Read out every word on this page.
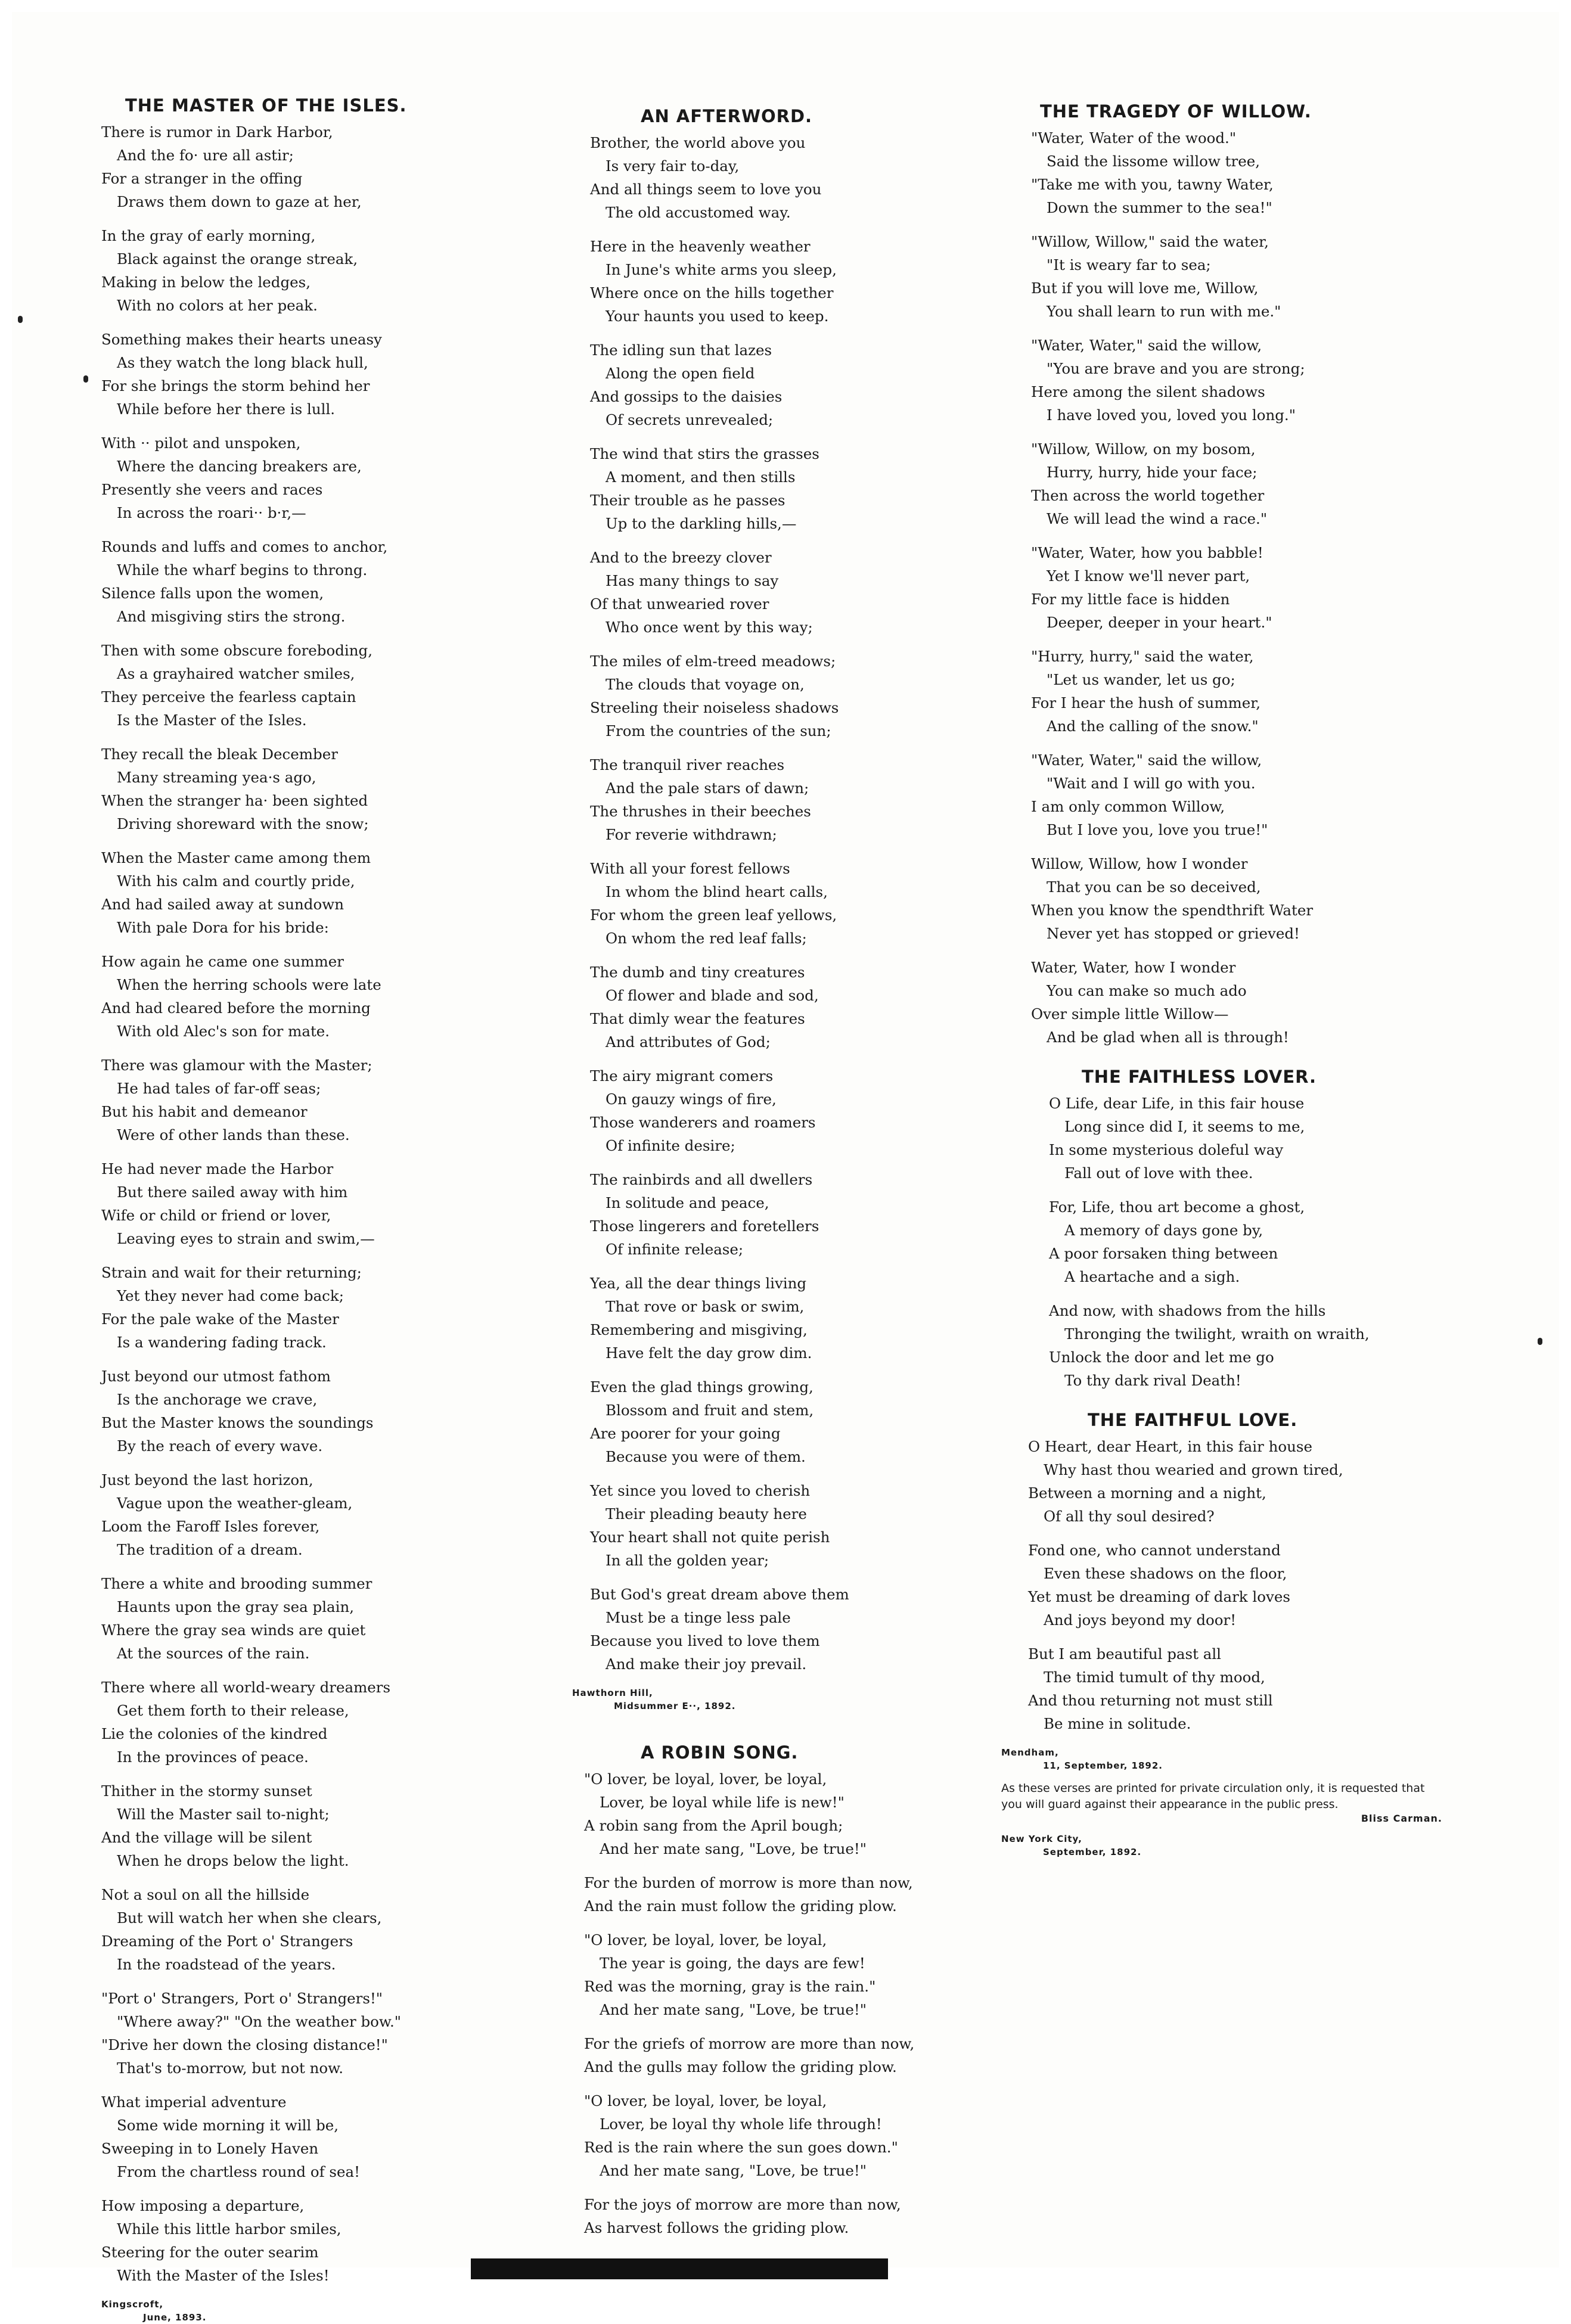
THE MASTER OF THE ISLES.
There is rumor in Dark Harbor,
And the fo· ure all astir;
For a stranger in the offing
Draws them down to gaze at her,
In the gray of early morning,
Black against the orange streak,
Making in below the ledges,
With no colors at her peak.
Something makes their hearts uneasy
As they watch the long black hull,
For she brings the storm behind her
While before her there is lull.
With ·· pilot and unspoken,
Where the dancing breakers are,
Presently she veers and races
In across the roari·· b·r,—
Rounds and luffs and comes to anchor,
While the wharf begins to throng.
Silence falls upon the women,
And misgiving stirs the strong.
Then with some obscure foreboding,
As a grayhaired watcher smiles,
They perceive the fearless captain
Is the Master of the Isles.
They recall the bleak December
Many streaming yea·s ago,
When the stranger ha· been sighted
Driving shoreward with the snow;
When the Master came among them
With his calm and courtly pride,
And had sailed away at sundown
With pale Dora for his bride:
How again he came one summer
When the herring schools were late
And had cleared before the morning
With old Alec's son for mate.
There was glamour with the Master;
He had tales of far-off seas;
But his habit and demeanor
Were of other lands than these.
He had never made the Harbor
But there sailed away with him
Wife or child or friend or lover,
Leaving eyes to strain and swim,—
Strain and wait for their returning;
Yet they never had come back;
For the pale wake of the Master
Is a wandering fading track.
Just beyond our utmost fathom
Is the anchorage we crave,
But the Master knows the soundings
By the reach of every wave.
Just beyond the last horizon,
Vague upon the weather-gleam,
Loom the Faroff Isles forever,
The tradition of a dream.
There a white and brooding summer
Haunts upon the gray sea plain,
Where the gray sea winds are quiet
At the sources of the rain.
There where all world-weary dreamers
Get them forth to their release,
Lie the colonies of the kindred
In the provinces of peace.
Thither in the stormy sunset
Will the Master sail to-night;
And the village will be silent
When he drops below the light.
Not a soul on all the hillside
But will watch her when she clears,
Dreaming of the Port o' Strangers
In the roadstead of the years.
"Port o' Strangers, Port o' Strangers!"
"Where away?" "On the weather bow."
"Drive her down the closing distance!"
That's to-morrow, but not now.
What imperial adventure
Some wide morning it will be,
Sweeping in to Lonely Haven
From the chartless round of sea!
How imposing a departure,
While this little harbor smiles,
Steering for the outer searim
With the Master of the Isles!
Kingscroft,
June, 1893.
AN AFTERWORD.
Brother, the world above you
Is very fair to-day,
And all things seem to love you
The old accustomed way.
Here in the heavenly weather
In June's white arms you sleep,
Where once on the hills together
Your haunts you used to keep.
The idling sun that lazes
Along the open field
And gossips to the daisies
Of secrets unrevealed;
The wind that stirs the grasses
A moment, and then stills
Their trouble as he passes
Up to the darkling hills,—
And to the breezy clover
Has many things to say
Of that unwearied rover
Who once went by this way;
The miles of elm-treed meadows;
The clouds that voyage on,
Streeling their noiseless shadows
From the countries of the sun;
The tranquil river reaches
And the pale stars of dawn;
The thrushes in their beeches
For reverie withdrawn;
With all your forest fellows
In whom the blind heart calls,
For whom the green leaf yellows,
On whom the red leaf falls;
The dumb and tiny creatures
Of flower and blade and sod,
That dimly wear the features
And attributes of God;
The airy migrant comers
On gauzy wings of fire,
Those wanderers and roamers
Of infinite desire;
The rainbirds and all dwellers
In solitude and peace,
Those lingerers and foretellers
Of infinite release;
Yea, all the dear things living
That rove or bask or swim,
Remembering and misgiving,
Have felt the day grow dim.
Even the glad things growing,
Blossom and fruit and stem,
Are poorer for your going
Because you were of them.
Yet since you loved to cherish
Their pleading beauty here
Your heart shall not quite perish
In all the golden year;
But God's great dream above them
Must be a tinge less pale
Because you lived to love them
And make their joy prevail.
Hawthorn Hill,
Midsummer E··, 1892.
A ROBIN SONG.
"O lover, be loyal, lover, be loyal,
Lover, be loyal while life is new!"
A robin sang from the April bough;
And her mate sang, "Love, be true!"
For the burden of morrow is more than now,
And the rain must follow the griding plow.
"O lover, be loyal, lover, be loyal,
The year is going, the days are few!
Red was the morning, gray is the rain."
And her mate sang, "Love, be true!"
For the griefs of morrow are more than now,
And the gulls may follow the griding plow.
"O lover, be loyal, lover, be loyal,
Lover, be loyal thy whole life through!
Red is the rain where the sun goes down."
And her mate sang, "Love, be true!"
For the joys of morrow are more than now,
As harvest follows the griding plow.
THE TRAGEDY OF WILLOW.
"Water, Water of the wood."
Said the lissome willow tree,
"Take me with you, tawny Water,
Down the summer to the sea!"
"Willow, Willow," said the water,
"It is weary far to sea;
But if you will love me, Willow,
You shall learn to run with me."
"Water, Water," said the willow,
"You are brave and you are strong;
Here among the silent shadows
I have loved you, loved you long."
"Willow, Willow, on my bosom,
Hurry, hurry, hide your face;
Then across the world together
We will lead the wind a race."
"Water, Water, how you babble!
Yet I know we'll never part,
For my little face is hidden
Deeper, deeper in your heart."
"Hurry, hurry," said the water,
"Let us wander, let us go;
For I hear the hush of summer,
And the calling of the snow."
"Water, Water," said the willow,
"Wait and I will go with you.
I am only common Willow,
But I love you, love you true!"
Willow, Willow, how I wonder
That you can be so deceived,
When you know the spendthrift Water
Never yet has stopped or grieved!
Water, Water, how I wonder
You can make so much ado
Over simple little Willow—
And be glad when all is through!
THE FAITHLESS LOVER.
O Life, dear Life, in this fair house
Long since did I, it seems to me,
In some mysterious doleful way
Fall out of love with thee.
For, Life, thou art become a ghost,
A memory of days gone by,
A poor forsaken thing between
A heartache and a sigh.
And now, with shadows from the hills
Thronging the twilight, wraith on wraith,
Unlock the door and let me go
To thy dark rival Death!
THE FAITHFUL LOVE.
O Heart, dear Heart, in this fair house
Why hast thou wearied and grown tired,
Between a morning and a night,
Of all thy soul desired?
Fond one, who cannot understand
Even these shadows on the floor,
Yet must be dreaming of dark loves
And joys beyond my door!
But I am beautiful past all
The timid tumult of thy mood,
And thou returning not must still
Be mine in solitude.
Mendham,
11, September, 1892.
As these verses are printed for private circulation only, it is requested that you will guard against their appearance in the public press.
Bliss Carman.
New York City,
September, 1892.
